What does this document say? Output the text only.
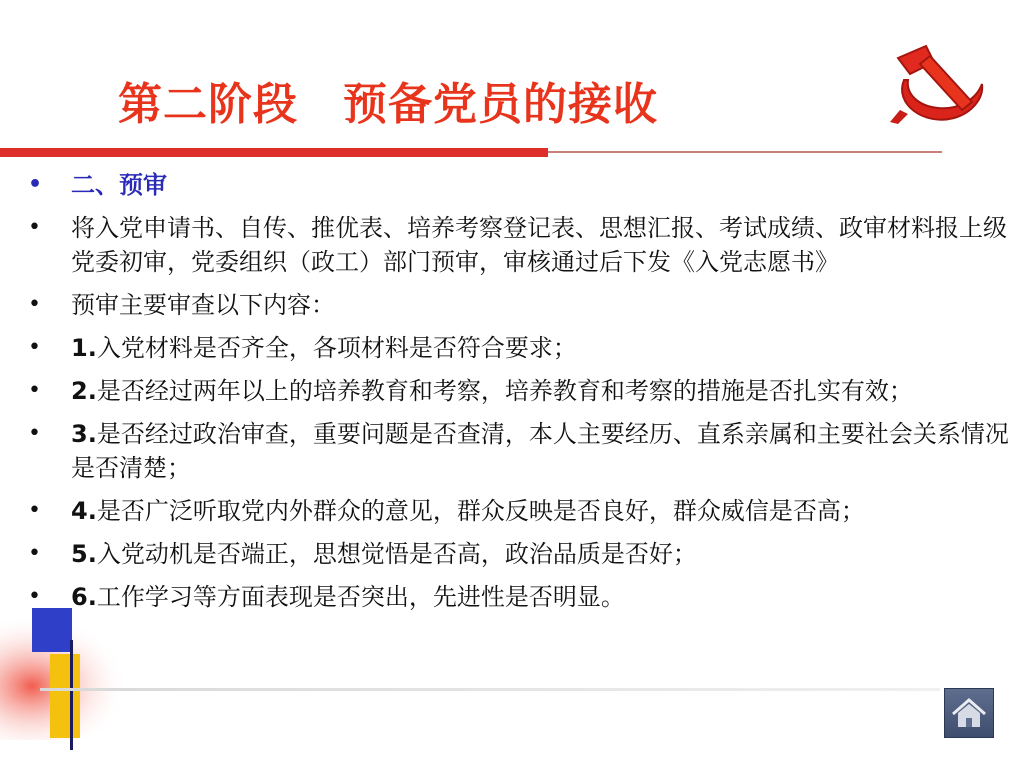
第二阶段　预备党员的接收
• 二、预审
• 将入党申请书、自传、推优表、培养考察登记表、思想汇报、考试成绩、政审材料报上级党委初审，党委组织（政工）部门预审，审核通过后下发《入党志愿书》
• 预审主要审查以下内容：
• 1.入党材料是否齐全，各项材料是否符合要求；
• 2.是否经过两年以上的培养教育和考察，培养教育和考察的措施是否扎实有效；
• 3.是否经过政治审查，重要问题是否查清，本人主要经历、直系亲属和主要社会关系情况是否清楚；
• 4.是否广泛听取党内外群众的意见，群众反映是否良好，群众威信是否高；
• 5.入党动机是否端正，思想觉悟是否高，政治品质是否好；
• 6.工作学习等方面表现是否突出，先进性是否明显。
